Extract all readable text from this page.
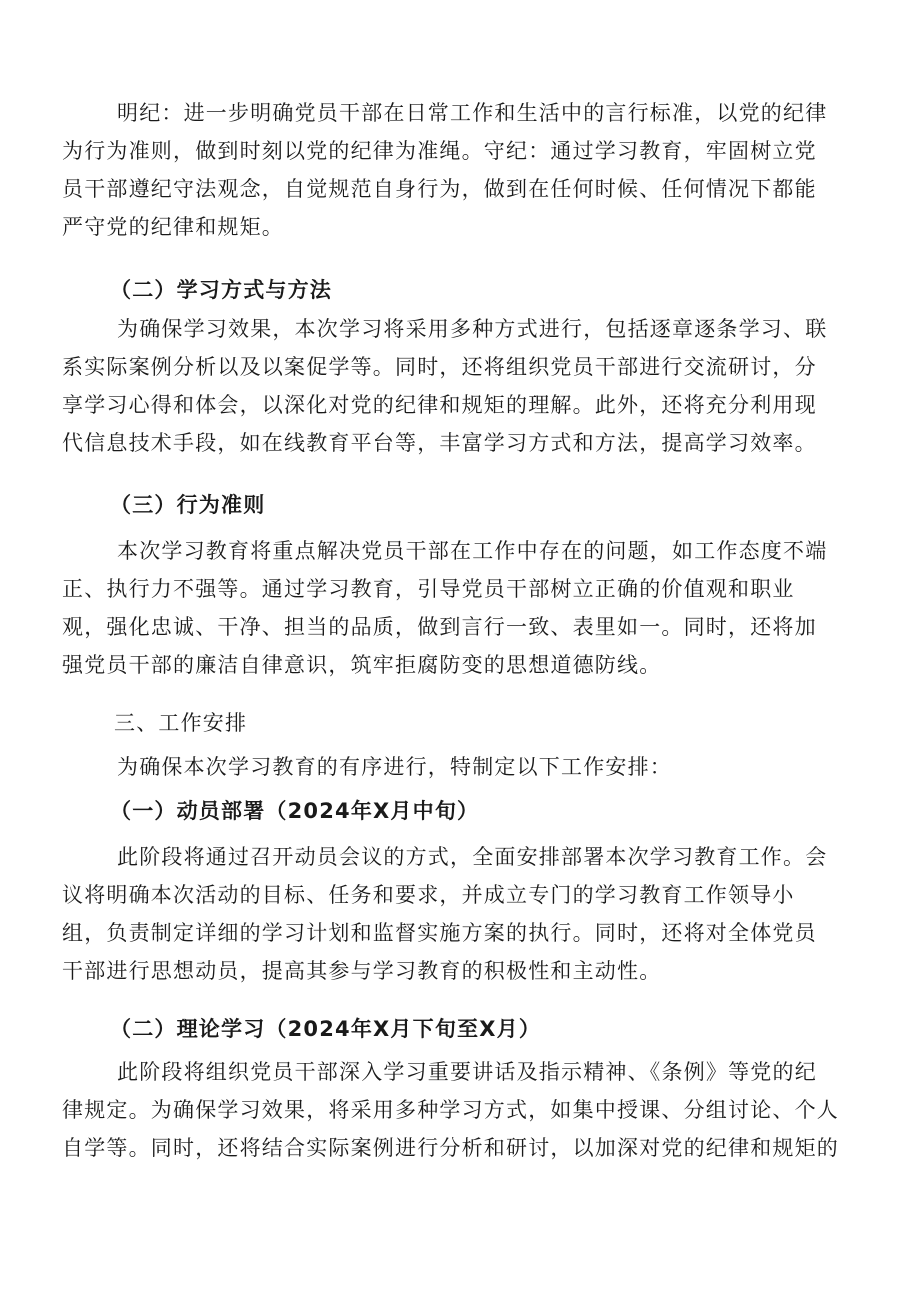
明纪：进一步明确党员干部在日常工作和生活中的言行标准，以党的纪律
为行为准则，做到时刻以党的纪律为准绳。守纪：通过学习教育，牢固树立党
员干部遵纪守法观念，自觉规范自身行为，做到在任何时候、任何情况下都能
严守党的纪律和规矩。
（二）学习方式与方法
为确保学习效果，本次学习将采用多种方式进行，包括逐章逐条学习、联
系实际案例分析以及以案促学等。同时，还将组织党员干部进行交流研讨，分
享学习心得和体会，以深化对党的纪律和规矩的理解。此外，还将充分利用现
代信息技术手段，如在线教育平台等，丰富学习方式和方法，提高学习效率。
（三）行为准则
本次学习教育将重点解决党员干部在工作中存在的问题，如工作态度不端
正、执行力不强等。通过学习教育，引导党员干部树立正确的价值观和职业
观，强化忠诚、干净、担当的品质，做到言行一致、表里如一。同时，还将加
强党员干部的廉洁自律意识，筑牢拒腐防变的思想道德防线。
三、工作安排
为确保本次学习教育的有序进行，特制定以下工作安排：
（一）动员部署（2024年X月中旬）
此阶段将通过召开动员会议的方式，全面安排部署本次学习教育工作。会
议将明确本次活动的目标、任务和要求，并成立专门的学习教育工作领导小
组，负责制定详细的学习计划和监督实施方案的执行。同时，还将对全体党员
干部进行思想动员，提高其参与学习教育的积极性和主动性。
（二）理论学习（2024年X月下旬至X月）
此阶段将组织党员干部深入学习重要讲话及指示精神、《条例》等党的纪
律规定。为确保学习效果，将采用多种学习方式，如集中授课、分组讨论、个人
自学等。同时，还将结合实际案例进行分析和研讨，以加深对党的纪律和规矩的
